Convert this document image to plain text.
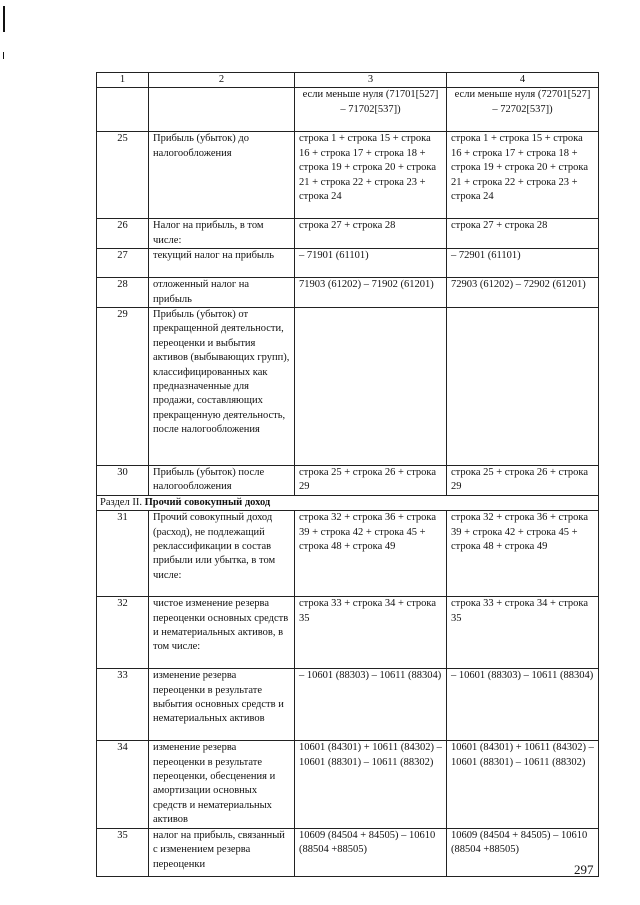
1	2	3	4
		если меньше нуля (71701[527] – 71702[537])	если меньше нуля (72701[527] – 72702[537])
25	Прибыль (убыток) до налогообложения	строка 1 + строка 15 + строка 16 + строка 17 + строка 18 + строка 19 + строка 20 + строка 21 + строка 22 + строка 23 + строка 24	строка 1 + строка 15 + строка 16 + строка 17 + строка 18 + строка 19 + строка 20 + строка 21 + строка 22 + строка 23 + строка 24
26	Налог на прибыль, в том числе:	строка 27 + строка 28	строка 27 + строка 28
27	текущий налог на прибыль	– 71901 (61101)	– 72901 (61101)
28	отложенный налог на прибыль	71903 (61202) – 71902 (61201)	72903 (61202) – 72902 (61201)
29	Прибыль (убыток) от прекращенной деятельности, переоценки и выбытия активов (выбывающих групп), классифицированных как предназначенные для продажи, составляющих прекращенную деятельность, после налогообложения		
30	Прибыль (убыток) после налогообложения	строка 25 + строка 26 + строка 29	строка 25 + строка 26 + строка 29
Раздел II. Прочий совокупный доход			
31	Прочий совокупный доход (расход), не подлежащий реклассификации в состав прибыли или убытка, в том числе:	строка 32 + строка 36 + строка 39 + строка 42 + строка 45 + строка 48 + строка 49	строка 32 + строка 36 + строка 39 + строка 42 + строка 45 + строка 48 + строка 49
32	чистое изменение резерва переоценки основных средств и нематериальных активов, в том числе:	строка 33 + строка 34 + строка 35	строка 33 + строка 34 + строка 35
33	изменение резерва переоценки в результате выбытия основных средств и нематериальных активов	– 10601 (88303) – 10611 (88304)	– 10601 (88303) – 10611 (88304)
34	изменение резерва переоценки в результате переоценки, обесценения и амортизации основных средств и нематериальных активов	10601 (84301) + 10611 (84302) – 10601 (88301) – 10611 (88302)	10601 (84301) + 10611 (84302) – 10601 (88301) – 10611 (88302)
35	налог на прибыль, связанный с изменением резерва переоценки	10609 (84504 + 84505) – 10610 (88504 +88505)	10609 (84504 + 84505) – 10610 (88504 +88505)
297
